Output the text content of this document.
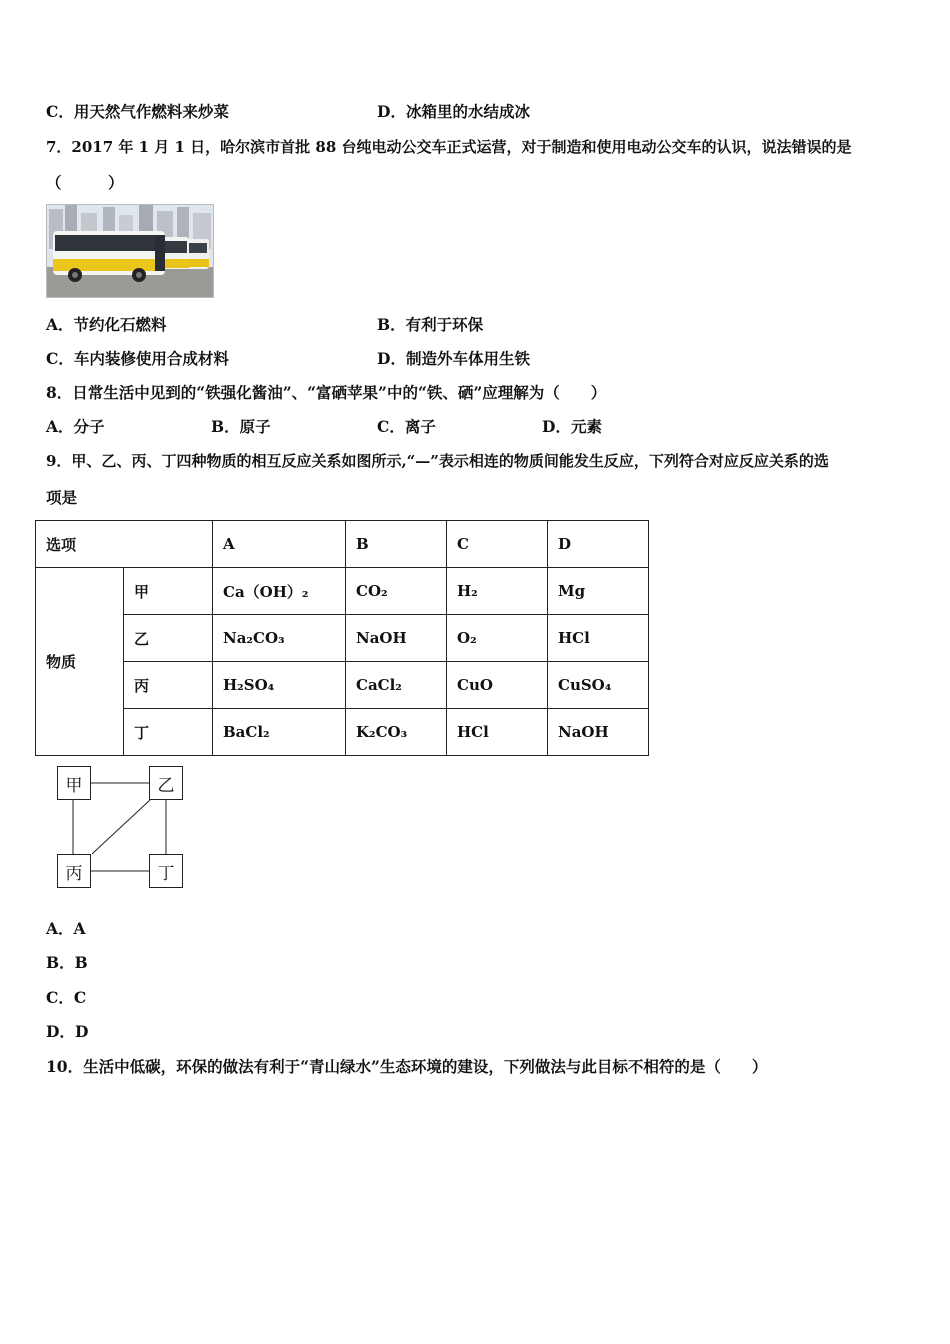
C．用天然气作燃料来炒菜	D．冰箱里的水结成冰
7．2017 年 1 月 1 日，哈尔滨市首批 88 台纯电动公交车正式运营，对于制造和使用电动公交车的认识，说法错误的是
（　　　）
A．节约化石燃料	B．有利于环保
C．车内装修使用合成材料	D．制造外车体用生铁
8．日常生活中见到的“铁强化酱油”、“富硒苹果”中的“铁、硒”应理解为（　　）
A．分子	B．原子	C．离子	D．元素
9．甲、乙、丙、丁四种物质的相互反应关系如图所示,“—”表示相连的物质间能发生反应，下列符合对应反应关系的选
项是
选项		A	B	C	D
物质	甲	Ca（OH）₂	CO₂	H₂	Mg
	乙	Na₂CO₃	NaOH	O₂	HCl
	丙	H₂SO₄	CaCl₂	CuO	CuSO₄
	丁	BaCl₂	K₂CO₃	HCl	NaOH
甲	乙
丙	丁
A．A
B．B
C．C
D．D
10．生活中低碳，环保的做法有利于“青山绿水”生态环境的建设，下列做法与此目标不相符的是（　　）
